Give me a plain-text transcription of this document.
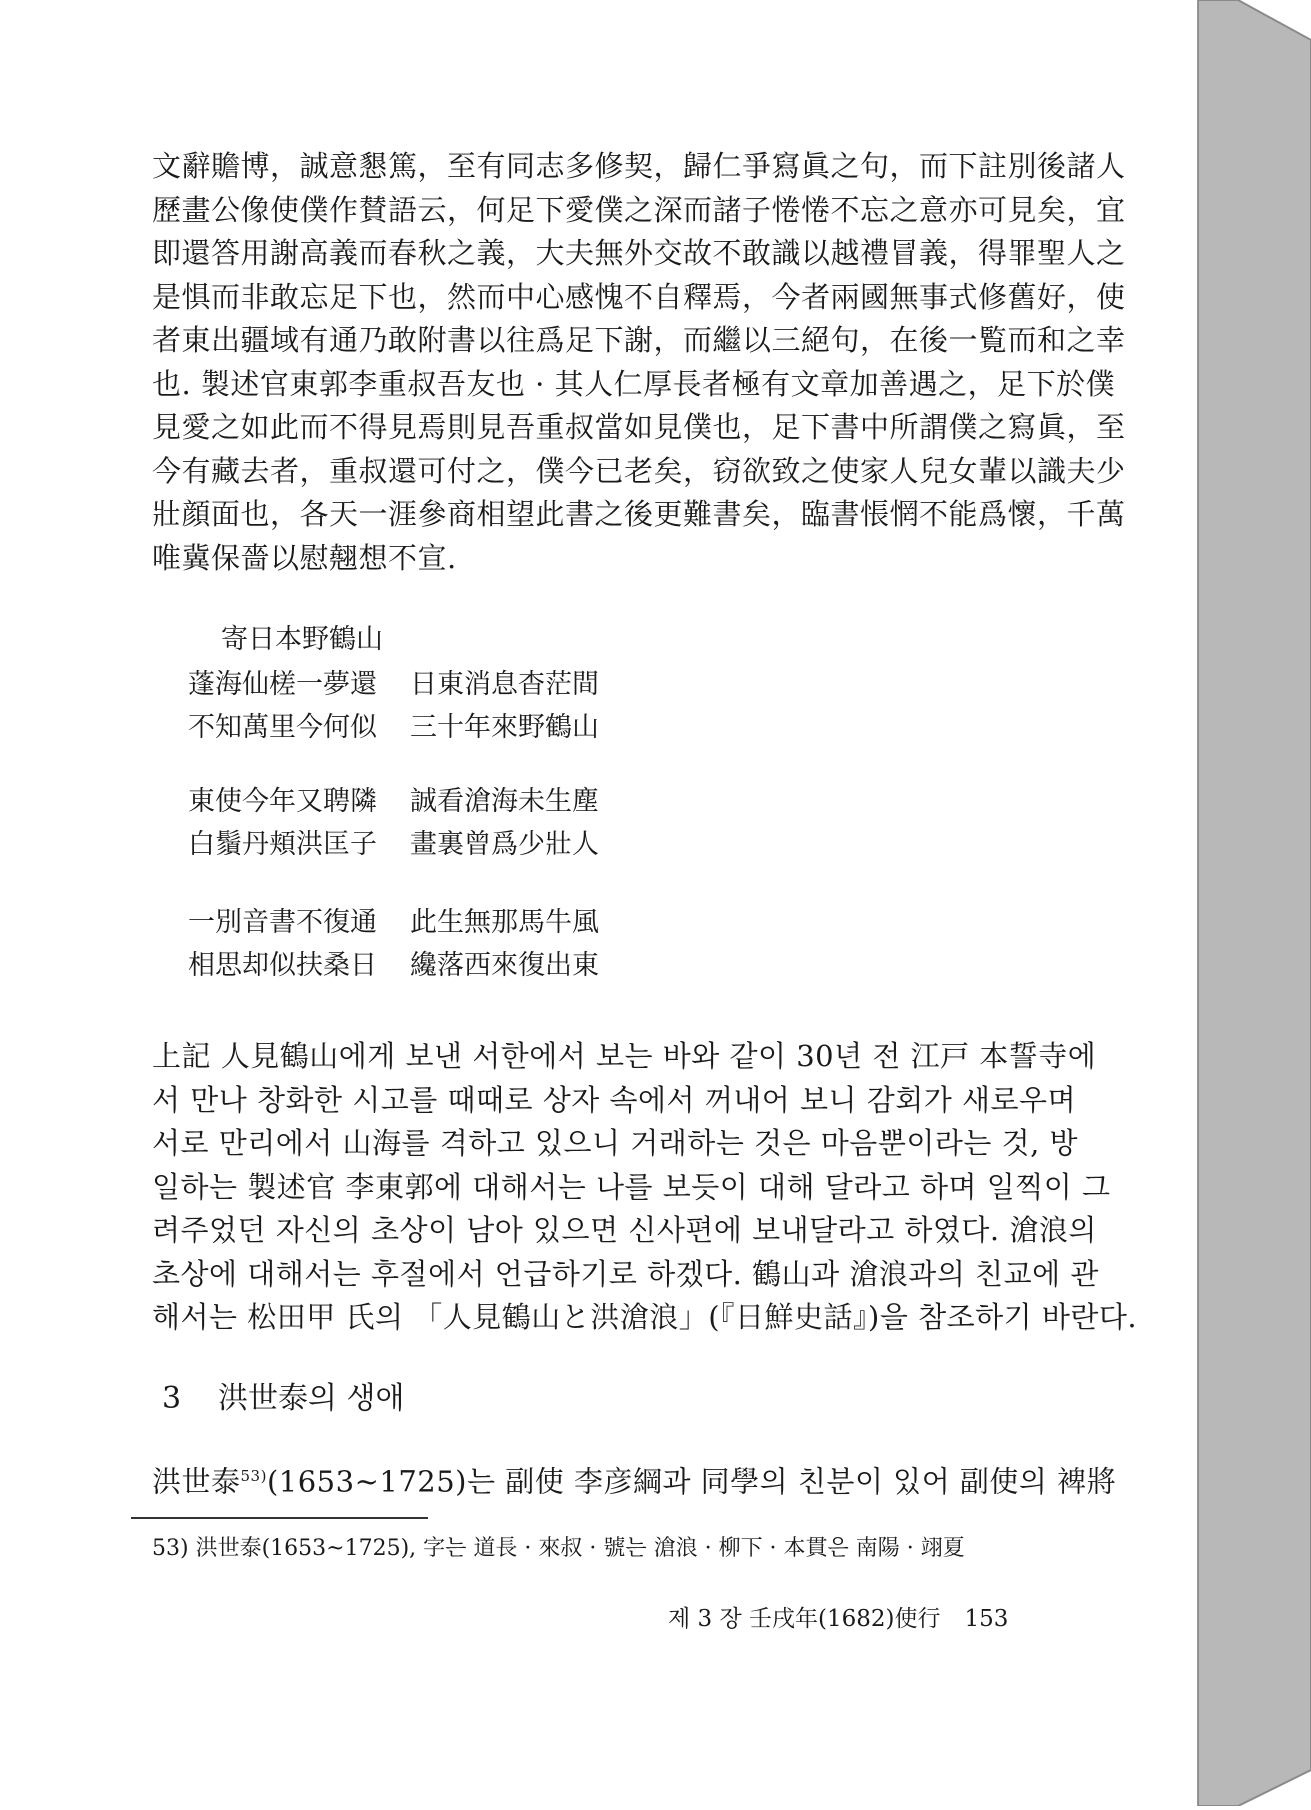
文辭贍博，誠意懇篤，至有同志多修契，歸仁爭寫眞之句，而下註別後諸人
歷畫公像使僕作賛語云，何足下愛僕之深而諸子惓惓不忘之意亦可見矣，宜
即還答用謝高義而春秋之義，大夫無外交故不敢識以越禮冒義，得罪聖人之
是惧而非敢忘足下也，然而中心感愧不自釋焉，今者兩國無事式修舊好，使
者東出疆域有通乃敢附書以往爲足下謝，而繼以三絕句，在後一覧而和之幸
也. 製述官東郭李重叔吾友也 · 其人仁厚長者極有文章加善遇之，足下於僕
見愛之如此而不得見焉則見吾重叔當如見僕也，足下書中所謂僕之寫眞，至
今有藏去者，重叔還可付之，僕今已老矣，窃欲致之使家人兒女輩以識夫少
壯顔面也，各天一涯參商相望此書之後更難書矣，臨書悵惘不能爲懷，千萬
唯冀保嗇以慰翹想不宣.
寄日本野鶴山
蓬海仙槎一夢還 日東消息杳茫間
不知萬里今何似 三十年來野鶴山
東使今年又聘隣 誠看滄海未生塵
白鬚丹頬洪匡子 畫裏曾爲少壯人
一別音書不復通 此生無那馬牛風
相思却似扶桑日 纔落西來復出東
上記 人見鶴山에게 보낸 서한에서 보는 바와 같이 30년 전 江戸 本誓寺에
서 만나 창화한 시고를 때때로 상자 속에서 꺼내어 보니 감회가 새로우며
서로 만리에서 山海를 격하고 있으니 거래하는 것은 마음뿐이라는 것, 방
일하는 製述官 李東郭에 대해서는 나를 보듯이 대해 달라고 하며 일찍이 그
려주었던 자신의 초상이 남아 있으면 신사편에 보내달라고 하였다. 滄浪의
초상에 대해서는 후절에서 언급하기로 하겠다. 鶴山과 滄浪과의 친교에 관
해서는 松田甲 氏의 「人見鶴山と洪滄浪」(『日鮮史話』)을 참조하기 바란다.
3 洪世泰의 생애
洪世泰$^{53)}$(1653~1725)는 副使 李彦綱과 同學의 친분이 있어 副使의 裨將
53) 洪世泰(1653~1725), 字는 道長 · 來叔 · 號는 滄浪 · 柳下 · 本貫은 南陽 · 翊夏
제 3 장 壬戌年(1682)使行 153
